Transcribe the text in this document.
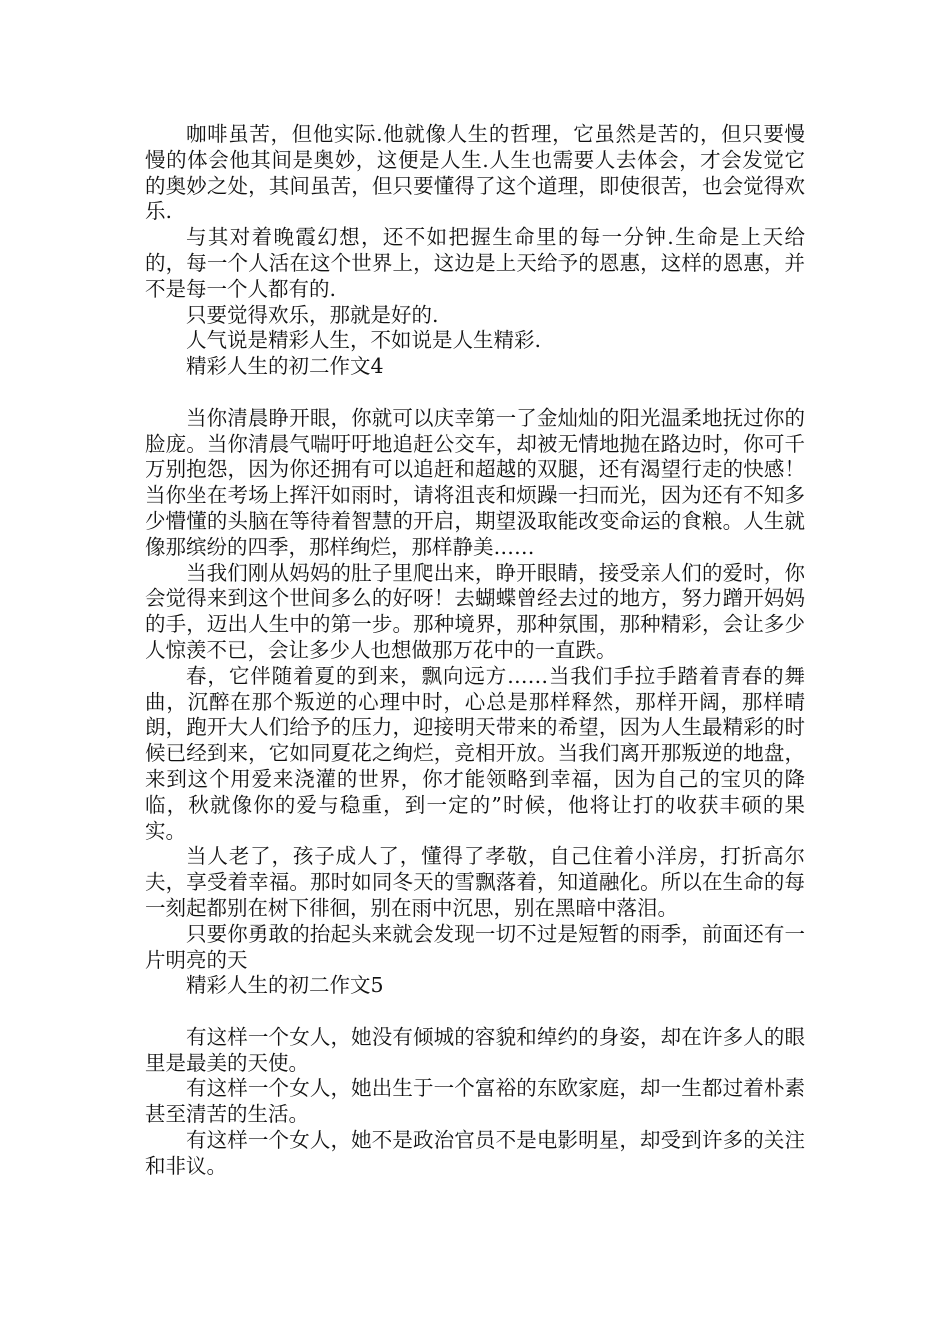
咖啡虽苦，但他实际.他就像人生的哲理，它虽然是苦的，但只要慢慢的体会他其间是奥妙，这便是人生.人生也需要人去体会，才会发觉它的奥妙之处，其间虽苦，但只要懂得了这个道理，即使很苦，也会觉得欢乐.

与其对着晚霞幻想，还不如把握生命里的每一分钟.生命是上天给的，每一个人活在这个世界上，这边是上天给予的恩惠，这样的恩惠，并不是每一个人都有的.

只要觉得欢乐，那就是好的.

人气说是精彩人生，不如说是人生精彩.

精彩人生的初二作文4

当你清晨睁开眼，你就可以庆幸第一了金灿灿的阳光温柔地抚过你的脸庞。当你清晨气喘吁吁地追赶公交车，却被无情地抛在路边时，你可千万别抱怨，因为你还拥有可以追赶和超越的双腿，还有渴望行走的快感！当你坐在考场上挥汗如雨时，请将沮丧和烦躁一扫而光，因为还有不知多少懵懂的头脑在等待着智慧的开启，期望汲取能改变命运的食粮。人生就像那缤纷的四季，那样绚烂，那样静美……

当我们刚从妈妈的肚子里爬出来，睁开眼睛，接受亲人们的爱时，你会觉得来到这个世间多么的好呀！去蝴蝶曾经去过的地方，努力蹭开妈妈的手，迈出人生中的第一步。那种境界，那种氛围，那种精彩，会让多少人惊羡不已，会让多少人也想做那万花中的一直跌。

春，它伴随着夏的到来，飘向远方……当我们手拉手踏着青春的舞曲，沉醉在那个叛逆的心理中时，心总是那样释然，那样开阔，那样晴朗，跑开大人们给予的压力，迎接明天带来的希望，因为人生最精彩的时候已经到来，它如同夏花之绚烂，竞相开放。当我们离开那叛逆的地盘，来到这个用爱来浇灌的世界，你才能领略到幸福，因为自己的宝贝的降临，秋就像你的爱与稳重，到一定的”时候，他将让打的收获丰硕的果实。

当人老了，孩子成人了，懂得了孝敬，自己住着小洋房，打折高尔夫，享受着幸福。那时如同冬天的雪飘落着，知道融化。所以在生命的每一刻起都别在树下徘徊，别在雨中沉思，别在黑暗中落泪。

只要你勇敢的抬起头来就会发现一切不过是短暂的雨季，前面还有一片明亮的天

精彩人生的初二作文5

有这样一个女人，她没有倾城的容貌和绰约的身姿，却在许多人的眼里是最美的天使。

有这样一个女人，她出生于一个富裕的东欧家庭，却一生都过着朴素甚至清苦的生活。

有这样一个女人，她不是政治官员不是电影明星，却受到许多的关注和非议。
